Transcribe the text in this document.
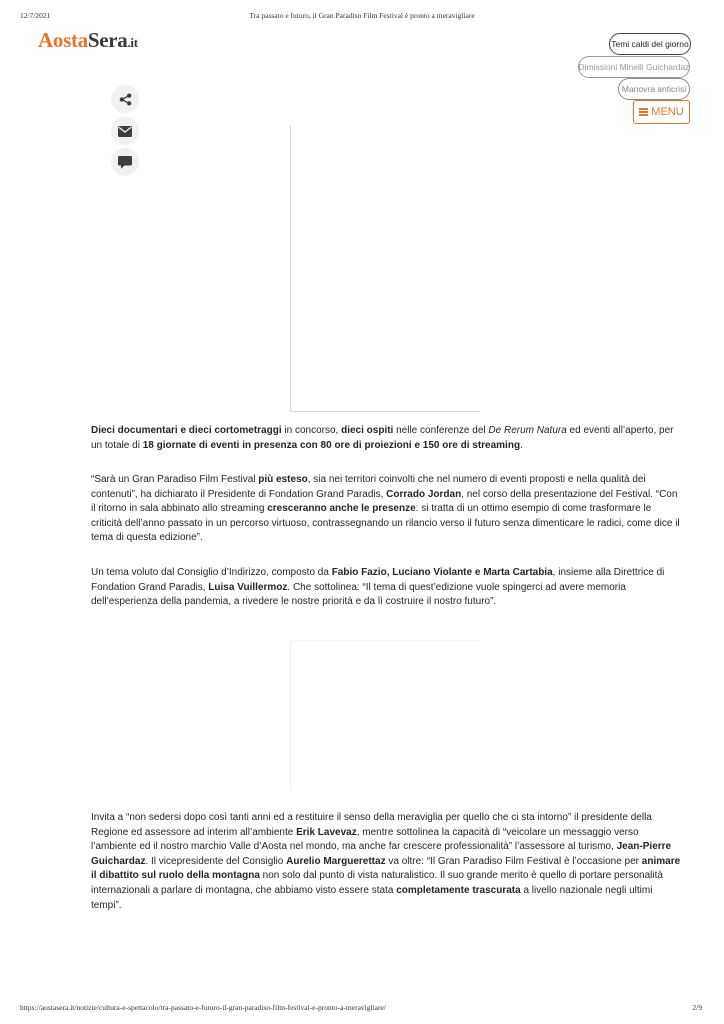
12/7/2021	Tra passato e futuro, il Gran Paradiso Film Festival è pronto a meravigliare
AostaSera.it	Temi caldi del giorno
Dimissioni Minelli Guichardaz
Manovra anticrisi
MENU

Dieci documentari e dieci cortometraggi in concorso, dieci ospiti nelle conferenze del De Rerum Natura ed eventi all’aperto, per un totale di 18 giornate di eventi in presenza con 80 ore di proiezioni e 150 ore di streaming.

“Sarà un Gran Paradiso Film Festival più esteso, sia nei territori coinvolti che nel numero di eventi proposti e nella qualità dei contenuti”, ha dichiarato il Presidente di Fondation Grand Paradis, Corrado Jordan, nel corso della presentazione del Festival. “Con il ritorno in sala abbinato allo streaming cresceranno anche le presenze: si tratta di un ottimo esempio di come trasformare le criticità dell’anno passato in un percorso virtuoso, contrassegnando un rilancio verso il futuro senza dimenticare le radici, come dice il tema di questa edizione”.

Un tema voluto dal Consiglio d’Indirizzo, composto da Fabio Fazio, Luciano Violante e Marta Cartabia, insieme alla Direttrice di Fondation Grand Paradis, Luisa Vuillermoz. Che sottolinea: “Il tema di quest’edizione vuole spingerci ad avere memoria dell’esperienza della pandemia, a rivedere le nostre priorità e da lì costruire il nostro futuro”.

Invita a “non sedersi dopo così tanti anni ed a restituire il senso della meraviglia per quello che ci sta intorno” il presidente della Regione ed assessore ad interim all’ambiente Erik Lavevaz, mentre sottolinea la capacità di “veicolare un messaggio verso l’ambiente ed il nostro marchio Valle d’Aosta nel mondo, ma anche far crescere professionalità” l’assessore al turismo, Jean-Pierre Guichardaz. Il vicepresidente del Consiglio Aurelio Marguerettaz va oltre: “Il Gran Paradiso Film Festival è l’occasione per animare il dibattito sul ruolo della montagna non solo dal punto di vista naturalistico. Il suo grande merito è quello di portare personalità internazionali a parlare di montagna, che abbiamo visto essere stata completamente trascurata a livello nazionale negli ultimi tempi”.

https://aostasera.it/notizie/cultura-e-spettacolo/tra-passato-e-futuro-il-gran-paradiso-film-festival-e-pronto-a-meravigliare/	2/9
